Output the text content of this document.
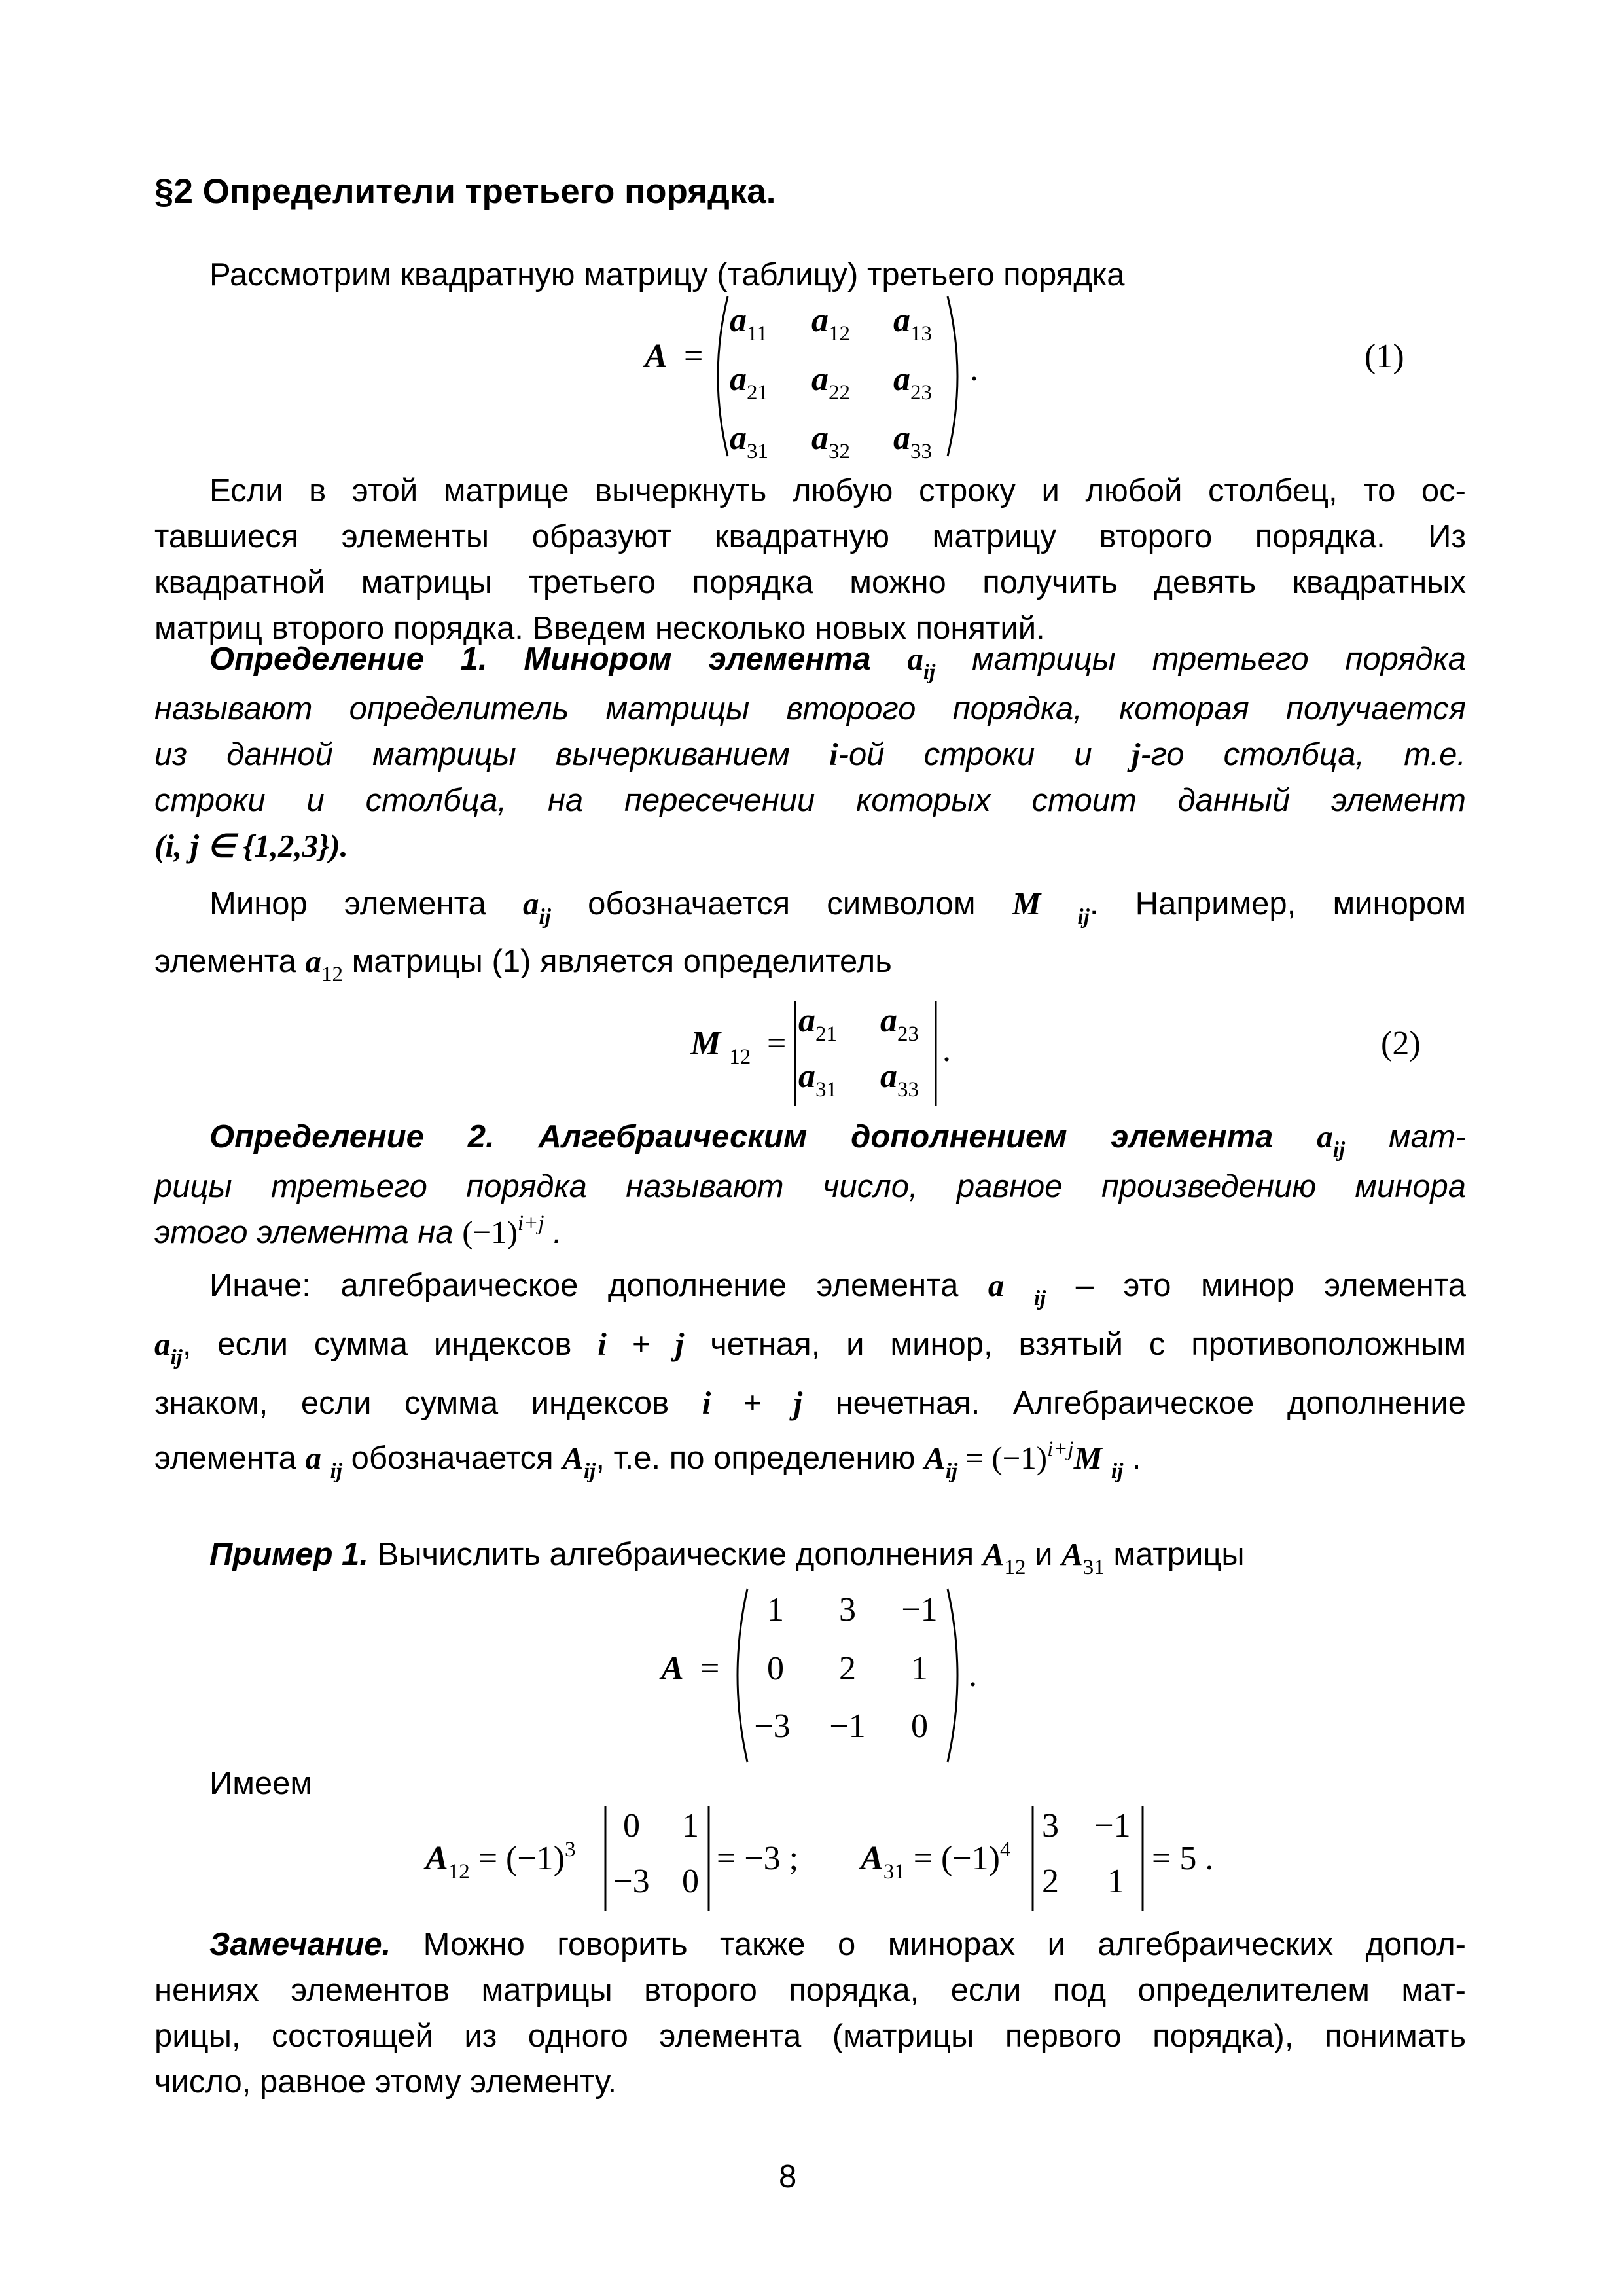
§2 Определители третьего порядка.
Рассмотрим квадратную матрицу (таблицу) третьего порядка
A =
$a_{11}$ $a_{12}$ $a_{13}$
$a_{21}$ $a_{22}$ $a_{23}$
$a_{31}$ $a_{32}$ $a_{33}$
.	(1)
Если в этой матрице вычеркнуть любую строку и любой столбец, то ос-
тавшиеся элементы образуют квадратную матрицу второго порядка. Из
квадратной матрицы третьего порядка можно получить девять квадратных
матриц второго порядка. Введем несколько новых понятий.
Определение 1. Минором элемента $a_{ij}$ матрицы третьего порядка
называют определитель матрицы второго порядка, которая получается
из данной матрицы вычеркиванием i-ой строки и j-го столбца, т.е.
строки и столбца, на пересечении которых стоит данный элемент
(i, j ∈ {1,2,3}).
Минор элемента $a_{ij}$ обозначается символом M $_{ij}$. Например, минором
элемента $a_{12}$ матрицы (1) является определитель
M $_{12}$ =
$a_{21}$ $a_{23}$
$a_{31}$ $a_{33}$
.	(2)
Определение 2. Алгебраическим дополнением элемента $a_{ij}$ мат-
рицы третьего порядка называют число, равное произведению минора
этого элемента на $(-1)^{i+j}$ .
Иначе: алгебраическое дополнение элемента a $_{ij}$ – это минор элемента
$a_{ij}$, если сумма индексов i + j четная, и минор, взятый с противоположным
знаком, если сумма индексов i + j нечетная. Алгебраическое дополнение
элемента a $_{ij}$ обозначается $A_{ij}$, т.е. по определению $A_{ij} = (-1)^{i+j}M$ $_{ij}$ .
Пример 1. Вычислить алгебраические дополнения $A_{12}$ и $A_{31}$ матрицы
A =
1 3 −1
0 2 1
−3 −1 0
.
Имеем
$A_{12} = (-1)^3$
0 1
−3 0
= −3 ; $A_{31} = (-1)^4$
3 −1
2 1
= 5 .
Замечание. Можно говорить также о минорах и алгебраических допол-
нениях элементов матрицы второго порядка, если под определителем мат-
рицы, состоящей из одного элемента (матрицы первого порядка), понимать
число, равное этому элементу.
8
